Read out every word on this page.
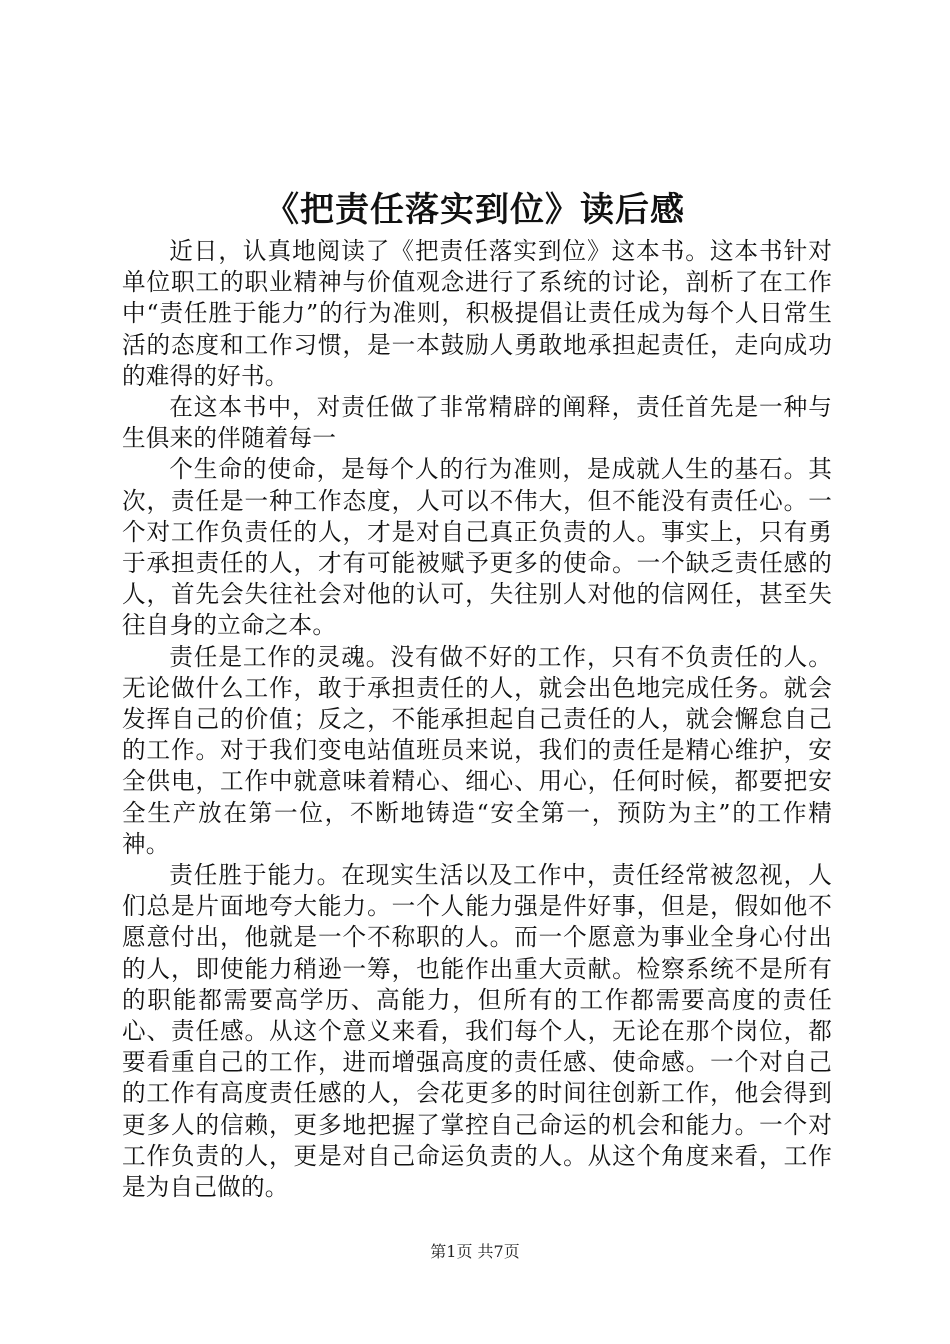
《把责任落实到位》读后感

近日，认真地阅读了《把责任落实到位》这本书。这本书针对单位职工的职业精神与价值观念进行了系统的讨论，剖析了在工作中“责任胜于能力”的行为准则，积极提倡让责任成为每个人日常生活的态度和工作习惯，是一本鼓励人勇敢地承担起责任，走向成功的难得的好书。

在这本书中，对责任做了非常精辟的阐释，责任首先是一种与生俱来的伴随着每一

个生命的使命，是每个人的行为准则，是成就人生的基石。其次，责任是一种工作态度，人可以不伟大，但不能没有责任心。一个对工作负责任的人，才是对自己真正负责的人。事实上，只有勇于承担责任的人，才有可能被赋予更多的使命。一个缺乏责任感的人，首先会失往社会对他的认可，失往别人对他的信网任，甚至失往自身的立命之本。

责任是工作的灵魂。没有做不好的工作，只有不负责任的人。无论做什么工作，敢于承担责任的人，就会出色地完成任务。就会发挥自己的价值；反之，不能承担起自己责任的人，就会懈怠自己的工作。对于我们变电站值班员来说，我们的责任是精心维护，安全供电，工作中就意味着精心、细心、用心，任何时候，都要把安全生产放在第一位，不断地铸造“安全第一，预防为主”的工作精神。

责任胜于能力。在现实生活以及工作中，责任经常被忽视，人们总是片面地夸大能力。一个人能力强是件好事，但是，假如他不愿意付出，他就是一个不称职的人。而一个愿意为事业全身心付出的人，即使能力稍逊一筹，也能作出重大贡献。检察系统不是所有的职能都需要高学历、高能力，但所有的工作都需要高度的责任心、责任感。从这个意义来看，我们每个人，无论在那个岗位，都要看重自己的工作，进而增强高度的责任感、使命感。一个对自己的工作有高度责任感的人，会花更多的时间往创新工作，他会得到更多人的信赖，更多地把握了掌控自己命运的机会和能力。一个对工作负责的人，更是对自己命运负责的人。从这个角度来看，工作是为自己做的。

第1页 共7页
